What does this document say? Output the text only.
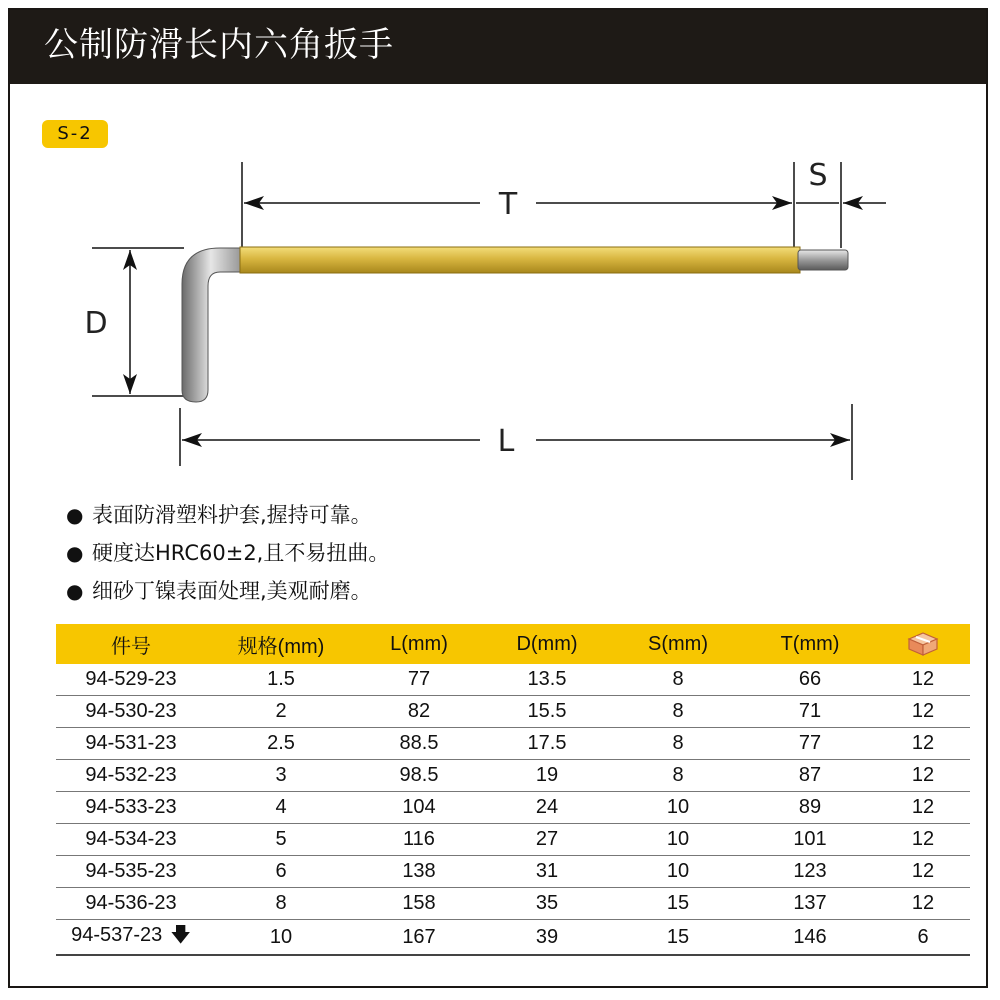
公制防滑长内六角扳手
S-2
T
S
D
L
● 表面防滑塑料护套,握持可靠。
● 硬度达HRC60±2,且不易扭曲。
● 细砂丁镍表面处理,美观耐磨。
件号	规格(mm)	L(mm)	D(mm)	S(mm)	T(mm)	
94-529-23	1.5	77	13.5	8	66	12
94-530-23	2	82	15.5	8	71	12
94-531-23	2.5	88.5	17.5	8	77	12
94-532-23	3	98.5	19	8	87	12
94-533-23	4	104	24	10	89	12
94-534-23	5	116	27	10	101	12
94-535-23	6	138	31	10	123	12
94-536-23	8	158	35	15	137	12
94-537-23 🡇	10	167	39	15	146	6
